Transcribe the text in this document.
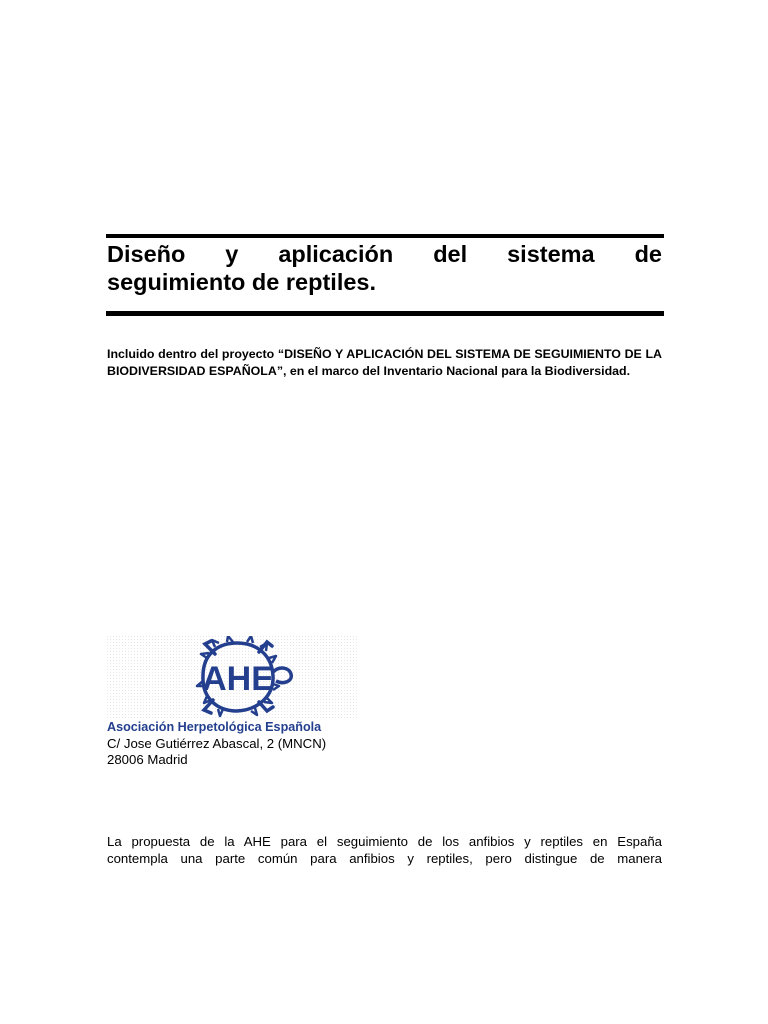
Diseño y aplicación del sistema de
seguimiento de reptiles.

Incluido dentro del proyecto “DISEÑO Y APLICACIÓN DEL SISTEMA DE SEGUIMIENTO DE LA BIODIVERSIDAD ESPAÑOLA”, en el marco del Inventario Nacional para la Biodiversidad.

AHE

Asociación Herpetológica Española

C/ Jose Gutiérrez Abascal, 2 (MNCN)
28006 Madrid

La propuesta de la AHE para el seguimiento de los anfibios y reptiles en España
contempla una parte común para anfibios y reptiles, pero distingue de manera
